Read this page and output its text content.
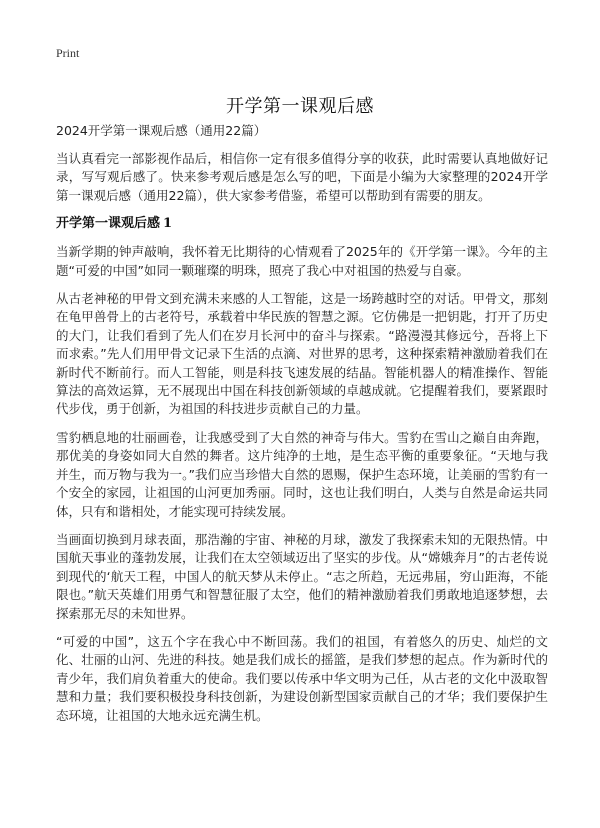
Print
开学第一课观后感
2024开学第一课观后感（通用22篇）

当认真看完一部影视作品后，相信你一定有很多值得分享的收获，此时需要认真地做好记录，写写观后感了。快来参考观后感是怎么写的吧，下面是小编为大家整理的2024开学第一课观后感（通用22篇），供大家参考借鉴，希望可以帮助到有需要的朋友。

开学第一课观后感 1

当新学期的钟声敲响，我怀着无比期待的心情观看了2025年的《开学第一课》。今年的主题“可爱的中国”如同一颗璀璨的明珠，照亮了我心中对祖国的热爱与自豪。

从古老神秘的甲骨文到充满未来感的人工智能，这是一场跨越时空的对话。甲骨文，那刻在龟甲兽骨上的古老符号，承载着中华民族的智慧之源。它仿佛是一把钥匙，打开了历史的大门，让我们看到了先人们在岁月长河中的奋斗与探索。“路漫漫其修远兮，吾将上下而求索。”先人们用甲骨文记录下生活的点滴、对世界的思考，这种探索精神激励着我们在新时代不断前行。而人工智能，则是科技飞速发展的结晶。智能机器人的精准操作、智能算法的高效运算，无不展现出中国在科技创新领域的卓越成就。它提醒着我们，要紧跟时代步伐，勇于创新，为祖国的科技进步贡献自己的力量。

雪豹栖息地的壮丽画卷，让我感受到了大自然的神奇与伟大。雪豹在雪山之巅自由奔跑，那优美的身姿如同大自然的舞者。这片纯净的土地，是生态平衡的重要象征。“天地与我并生，而万物与我为一。”我们应当珍惜大自然的恩赐，保护生态环境，让美丽的雪豹有一个安全的家园，让祖国的山河更加秀丽。同时，这也让我们明白，人类与自然是命运共同体，只有和谐相处，才能实现可持续发展。

当画面切换到月球表面，那浩瀚的宇宙、神秘的月球，激发了我探索未知的无限热情。中国航天事业的蓬勃发展，让我们在太空领域迈出了坚实的步伐。从“嫦娥奔月”的古老传说到现代的‘航天工程，中国人的航天梦从未停止。“志之所趋，无远弗届，穷山距海，不能限也。”航天英雄们用勇气和智慧征服了太空，他们的精神激励着我们勇敢地追逐梦想，去探索那无尽的未知世界。

“可爱的中国”，这五个字在我心中不断回荡。我们的祖国，有着悠久的历史、灿烂的文化、壮丽的山河、先进的科技。她是我们成长的摇篮，是我们梦想的起点。作为新时代的青少年，我们肩负着重大的使命。我们要以传承中华文明为己任，从古老的文化中汲取智慧和力量；我们要积极投身科技创新，为建设创新型国家贡献自己的才华；我们要保护生态环境，让祖国的大地永远充满生机。
